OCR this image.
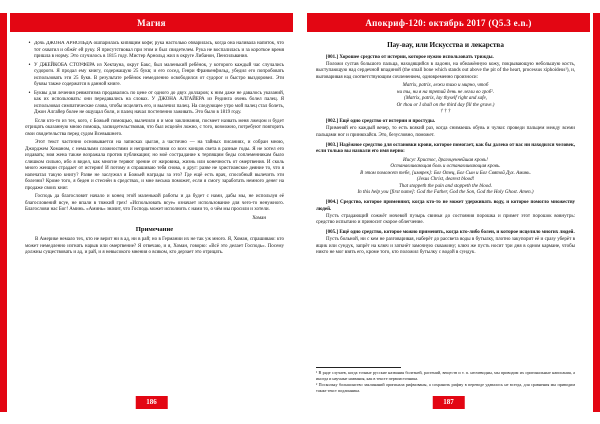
Магия
• Дочь ДЖОНА АРНОЛЬДА ошпарилась кипящим кофе; рука настолько обварилась, когда она наливала напиток, что тот охватил и обжёг ей руку. Я присутствовал при этом и был свидетелем. Рука не воспалилась и за короткое время пришла в норму. Это случилось в 1815 году. Мистер Арнольд жил в округе Либанон, Пенсильвания.
• У ДЖЕЙКОБА СТОУФЕРА из Хектауна, округ Бакс, был маленький ребёнок, у которого каждый час случались судороги. Я продал ему книгу, содержащую 25 букв; и его сосед, Генри Франкенфильд, убедил его попробовать использовать эти 25 букв. В результате ребёнок немедленно освободился от судорог и быстро выздоровел. Эти буквы также содержатся в данной книге.
• Буквы для лечения ревматизма продавались по цене от одного до двух долларов; к ним даже не давалось указаний, как их использовать: они передавались на словах. У ДЖОНА АЛГАЙЕРА из Рединга очень болел палец. Я использовал симпатические слова, чтобы исцелить его, и вылечил палец. На следующее утро мой палец стал болеть, Джон Алгайер более не ощущал боли, и палец начал постепенно заживать. Это было в 1819 году.

Если кто-то из тех, кого, с Божьей помощью, вылечили я и мои заклинания, посмеет назвать меня лжецом и будет отрицать оказанную мною помощь, засвидетельствовав, что был исцелён ложно, с того, возможно, потребуют повторить свои свидетельства перед судом Всевышнего.

Этот текст частично основывается на записках цыган, а частично — на тайных писаниях, и собран мною, Джорджем Хоманом, с немалыми сложностями и неприятностями со всех концов света в разные годы. Я не хотел его издавать; моя жена также возражала против публикации; но моё сострадание к терпящим беды соплеменникам было слишком сильно, ибо я видел, как многие теряют зрение от жировика, жизнь или конечность от омертвения. И сколь много женщин страдает от истерии! И потому я спрашиваю тебя снова, о друг: разве не христианское деяние то, что я напечатал такую книгу? Разве не заслужил я Божьей награды за это? Где ещё есть врач, способный вылечить эти болезни? Кроме того, я беден и стеснён в средствах, и мне весьма поможет, если я смогу заработать немного денег на продаже своих книг.

Господь да благословит начало и конец этой маленькой работы и да будет с нами, дабы мы, не используя её благословений всуе, не впали в тяжкий грех! «Использовать всуе» означает использование для чего-то ненужного. Благослови нас Бог! Аминь. «Аминь» значит, что Господь может исполнить с нами то, о чём мы просили и хотели.

Хоман
Примечание

В Америке немало тех, кто не верит ни в ад, ни в рай; но в Германии их не так уж много. Я, Хоман, спрашиваю: кто может немедленно изгнать нарыв или омертвение? Я отвечаю, и я, Хоман, говорю: «Всё это делает Господь». Посему должны существовать и ад, и рай, и я невысокого мнения о всяком, кто дерзает это отрицать.

186
Апокриф-120: октябрь 2017 (Q5.3 e.n.)
Пау-вау, или Искусства и лекарства

[001.] Хорошее средство от истерии, которое нужно использовать трижды.

Положи сустав большого пальца, находящийся в ладони, на обнажённую кожу, покрывающую небольшую кость, выступающую над сердечной впадиной (the small bone which stands out above the pit of the heart, processus xiphoideus¹), и, выговаривая над соответствующим сочленением, одновременно произноси:

Matrix, patrix, лежи тихо и мирно, чтоб
ни ты, ни я на третий день не легли во гроб².
(Matrix, patrix, lay thyself right and safe,
Or thou or I shall on the third day fill the grave.)
† † †

[002.] Ещё одно средство от истерии и простуды.

Применяй его каждый вечер, то есть всякий раз, когда снимаешь обувь и чулки: проведи пальцем между всеми пальцами ног и принюхайся. Это, безусловно, поможет.

[003.] Надёжное средство для остановки крови, которое помогает, как бы далеко от вас ни находился человек, если только вы назвали его имя верно:

Иисус Христос, драгоценнейшая кровь!
Останавливающая боль и останавливающая кровь.
В этом поможет тебе, [имярек]: Бог Отец, Бог Сын и Бог Святой Дух. Аминь.
(Jesus Christ, dearest blood!
That stoppeth the pain and stoppeth the blood.
In this help you [first name]: God the Father, God the Son, God the Holy Ghost. Amen.)

[004.] Средство, которое применяют, когда кто-то не может удерживать воду, и которое помогло множеству людей.

Пусть страдающий сожжёт мочевой пузырь свиньи до состояния порошка и примет этот порошок вовнутрь: средство испытано и приносит скорое облегчение.

[005.] Ещё одно средство, которое можно применять, когда кто-либо болен, и которое исцелило многих людей.

Пусть больной, ни с кем не разговаривая, наберёт до рассвета воды в бутылку, плотно закупорит её и сразу уберёт в ящик или сундук, запрёт на ключ и заткнёт замочную скважину; ключ же пусть носит три дня в одном кармане, чтобы никто не мог взять его, кроме того, кто положил бутылку с водой в сундук.

¹ В ряде случаев, когда точные русские названия болезней, растений, веществ и т. п. неочевидны, мы приводим их оригинальные написания, а иногда и научные названия, как в тексте первоисточника.

² Поскольку большинство заклинаний оригинала рифмованы, а сохранить рифму в переводе удавалось не всегда, для сравнения мы приводим также текст подлинника.

187
